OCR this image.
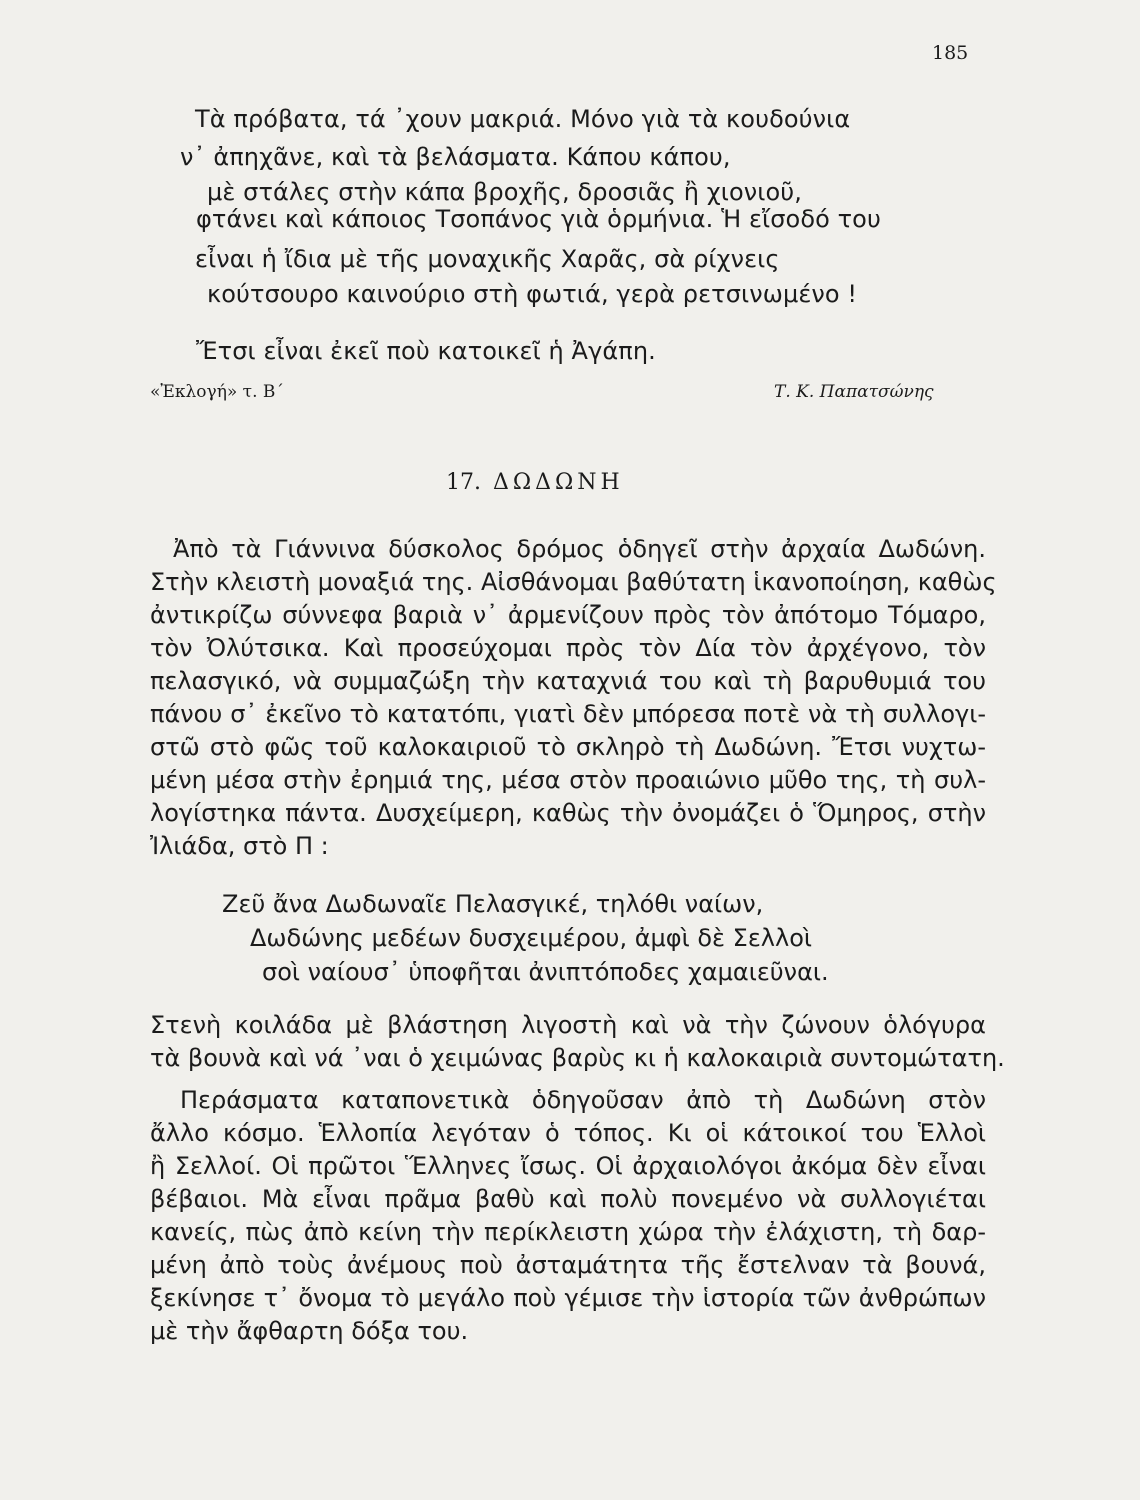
185
Τὰ πρόβατα, τά ᾽χουν μακριά. Μόνο γιὰ τὰ κουδούνια
ν᾽ ἀπηχᾶνε, καὶ τὰ βελάσματα. Κάπου κάπου,
μὲ στάλες στὴν κάπα βροχῆς, δροσιᾶς ἢ χιονιοῦ,
φτάνει καὶ κάποιος Τσοπάνος γιὰ ὁρμήνια. Ἡ εἴσοδό του
εἶναι ἡ ἴδια μὲ τῆς μοναχικῆς Χαρᾶς, σὰ ρίχνεις
κούτσουρο καινούριο στὴ φωτιά, γερὰ ρετσινωμένο !
Ἔτσι εἶναι ἐκεῖ ποὺ κατοικεῖ ἡ Ἀγάπη.
«Ἐκλογή» τ. Β΄	Τ. Κ. Παπατσώνης
17. ΔΩΔΩΝΗ
Ἀπὸ τὰ Γιάννινα δύσκολος δρόμος ὁδηγεῖ στὴν ἀρχαία Δωδώνη.
Στὴν κλειστὴ μοναξιά της. Αἰσθάνομαι βαθύτατη ἱκανοποίηση, καθὼς
ἀντικρίζω σύννεφα βαριὰ ν᾽ ἀρμενίζουν πρὸς τὸν ἀπότομο Τόμαρο,
τὸν Ὀλύτσικα. Καὶ προσεύχομαι πρὸς τὸν Δία τὸν ἀρχέγονο, τὸν
πελασγικό, νὰ συμμαζώξη τὴν καταχνιά του καὶ τὴ βαρυθυμιά του
πάνου σ᾽ ἐκεῖνο τὸ κατατόπι, γιατὶ δὲν μπόρεσα ποτὲ νὰ τὴ συλλογι-
στῶ στὸ φῶς τοῦ καλοκαιριοῦ τὸ σκληρὸ τὴ Δωδώνη. Ἔτσι νυχτω-
μένη μέσα στὴν ἐρημιά της, μέσα στὸν προαιώνιο μῦθο της, τὴ συλ-
λογίστηκα πάντα. Δυσχείμερη, καθὼς τὴν ὀνομάζει ὁ Ὅμηρος, στὴν
Ἰλιάδα, στὸ Π :
Ζεῦ ἄνα Δωδωναῖε Πελασγικέ, τηλόθι ναίων,
Δωδώνης μεδέων δυσχειμέρου, ἀμφὶ δὲ Σελλοὶ
σοὶ ναίουσ᾽ ὑποφῆται ἀνιπτόποδες χαμαιεῦναι.
Στενὴ κοιλάδα μὲ βλάστηση λιγοστὴ καὶ νὰ τὴν ζώνουν ὁλόγυρα
τὰ βουνὰ καὶ νά ᾽ναι ὁ χειμώνας βαρὺς κι ἡ καλοκαιριὰ συντομώτατη.
Περάσματα καταπονετικὰ ὁδηγοῦσαν ἀπὸ τὴ Δωδώνη στὸν
ἄλλο κόσμο. Ἑλλοπία λεγόταν ὁ τόπος. Κι οἱ κάτοικοί του Ἑλλοὶ
ἢ Σελλοί. Οἱ πρῶτοι Ἕλληνες ἴσως. Οἱ ἀρχαιολόγοι ἀκόμα δὲν εἶναι
βέβαιοι. Μὰ εἶναι πρᾶμα βαθὺ καὶ πολὺ πονεμένο νὰ συλλογιέται
κανείς, πὼς ἀπὸ κείνη τὴν περίκλειστη χώρα τὴν ἐλάχιστη, τὴ δαρ-
μένη ἀπὸ τοὺς ἀνέμους ποὺ ἀσταμάτητα τῆς ἔστελναν τὰ βουνά,
ξεκίνησε τ᾽ ὄνομα τὸ μεγάλο ποὺ γέμισε τὴν ἱστορία τῶν ἀνθρώπων
μὲ τὴν ἄφθαρτη δόξα του.
